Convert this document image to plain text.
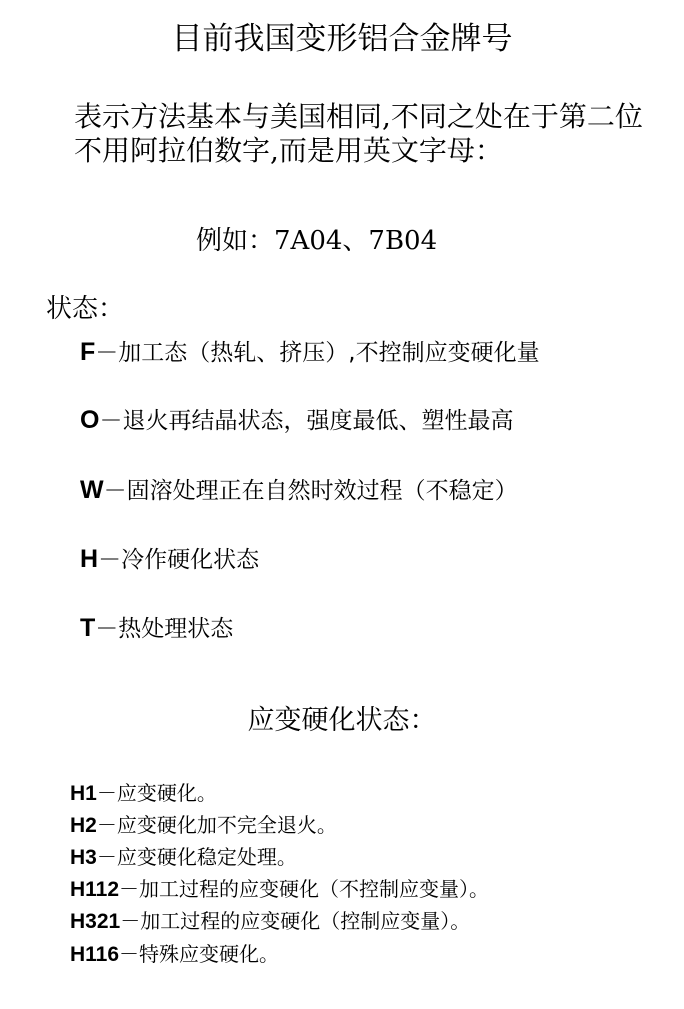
目前我国变形铝合金牌号
表示方法基本与美国相同,不同之处在于第二位不用阿拉伯数字,而是用英文字母：
例如：7A04、7B04
状态：
F－加工态（热轧、挤压）,不控制应变硬化量
O－退火再结晶状态，强度最低、塑性最高
W－固溶处理正在自然时效过程（不稳定）
H－冷作硬化状态
T－热处理状态
应变硬化状态：
H1－应变硬化。
H2－应变硬化加不完全退火。
H3－应变硬化稳定处理。
H112－加工过程的应变硬化（不控制应变量）。
H321－加工过程的应变硬化（控制应变量）。
H116－特殊应变硬化。
